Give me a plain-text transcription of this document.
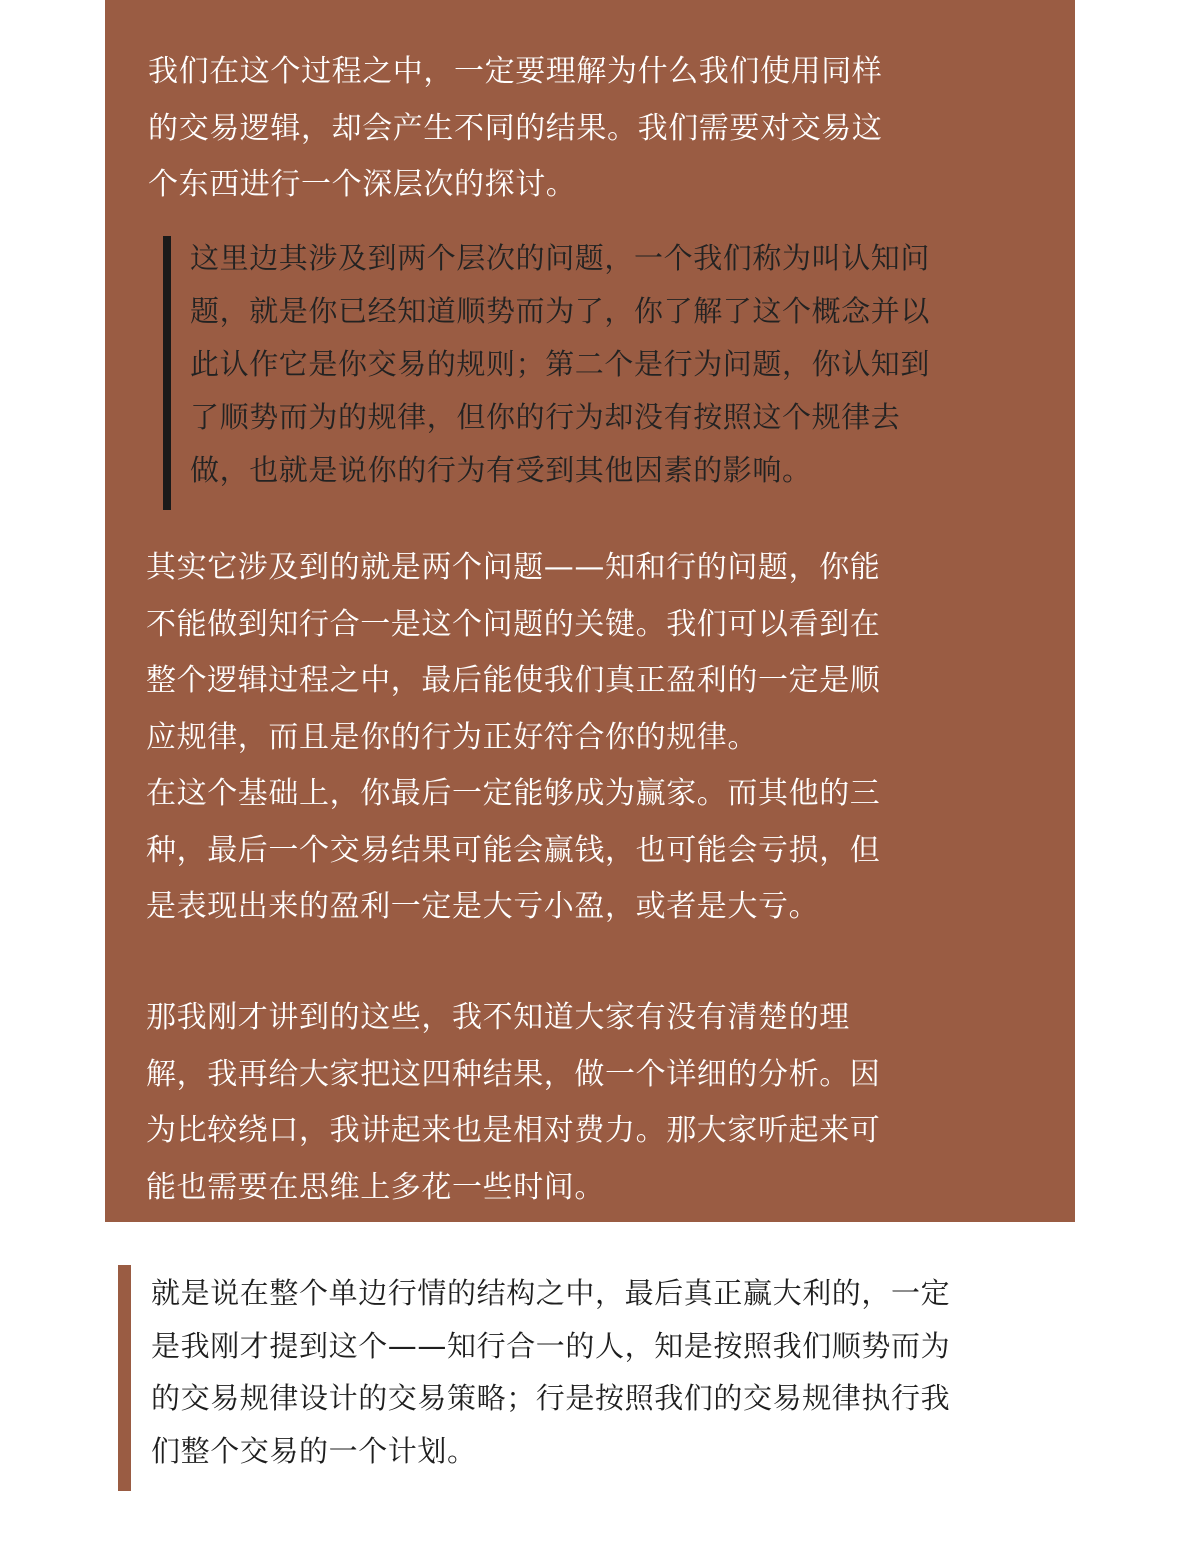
我们在这个过程之中，一定要理解为什么我们使用同样
的交易逻辑，却会产生不同的结果。我们需要对交易这
个东西进行一个深层次的探讨。

这里边其涉及到两个层次的问题，一个我们称为叫认知问
题，就是你已经知道顺势而为了，你了解了这个概念并以
此认作它是你交易的规则；第二个是行为问题，你认知到
了顺势而为的规律，但你的行为却没有按照这个规律去
做，也就是说你的行为有受到其他因素的影响。

其实它涉及到的就是两个问题——知和行的问题，你能
不能做到知行合一是这个问题的关键。我们可以看到在
整个逻辑过程之中，最后能使我们真正盈利的一定是顺
应规律，而且是你的行为正好符合你的规律。
在这个基础上，你最后一定能够成为赢家。而其他的三
种，最后一个交易结果可能会赢钱，也可能会亏损，但
是表现出来的盈利一定是大亏小盈，或者是大亏。

那我刚才讲到的这些，我不知道大家有没有清楚的理
解，我再给大家把这四种结果，做一个详细的分析。因
为比较绕口，我讲起来也是相对费力。那大家听起来可
能也需要在思维上多花一些时间。

就是说在整个单边行情的结构之中，最后真正赢大利的，一定
是我刚才提到这个——知行合一的人，知是按照我们顺势而为
的交易规律设计的交易策略；行是按照我们的交易规律执行我
们整个交易的一个计划。
